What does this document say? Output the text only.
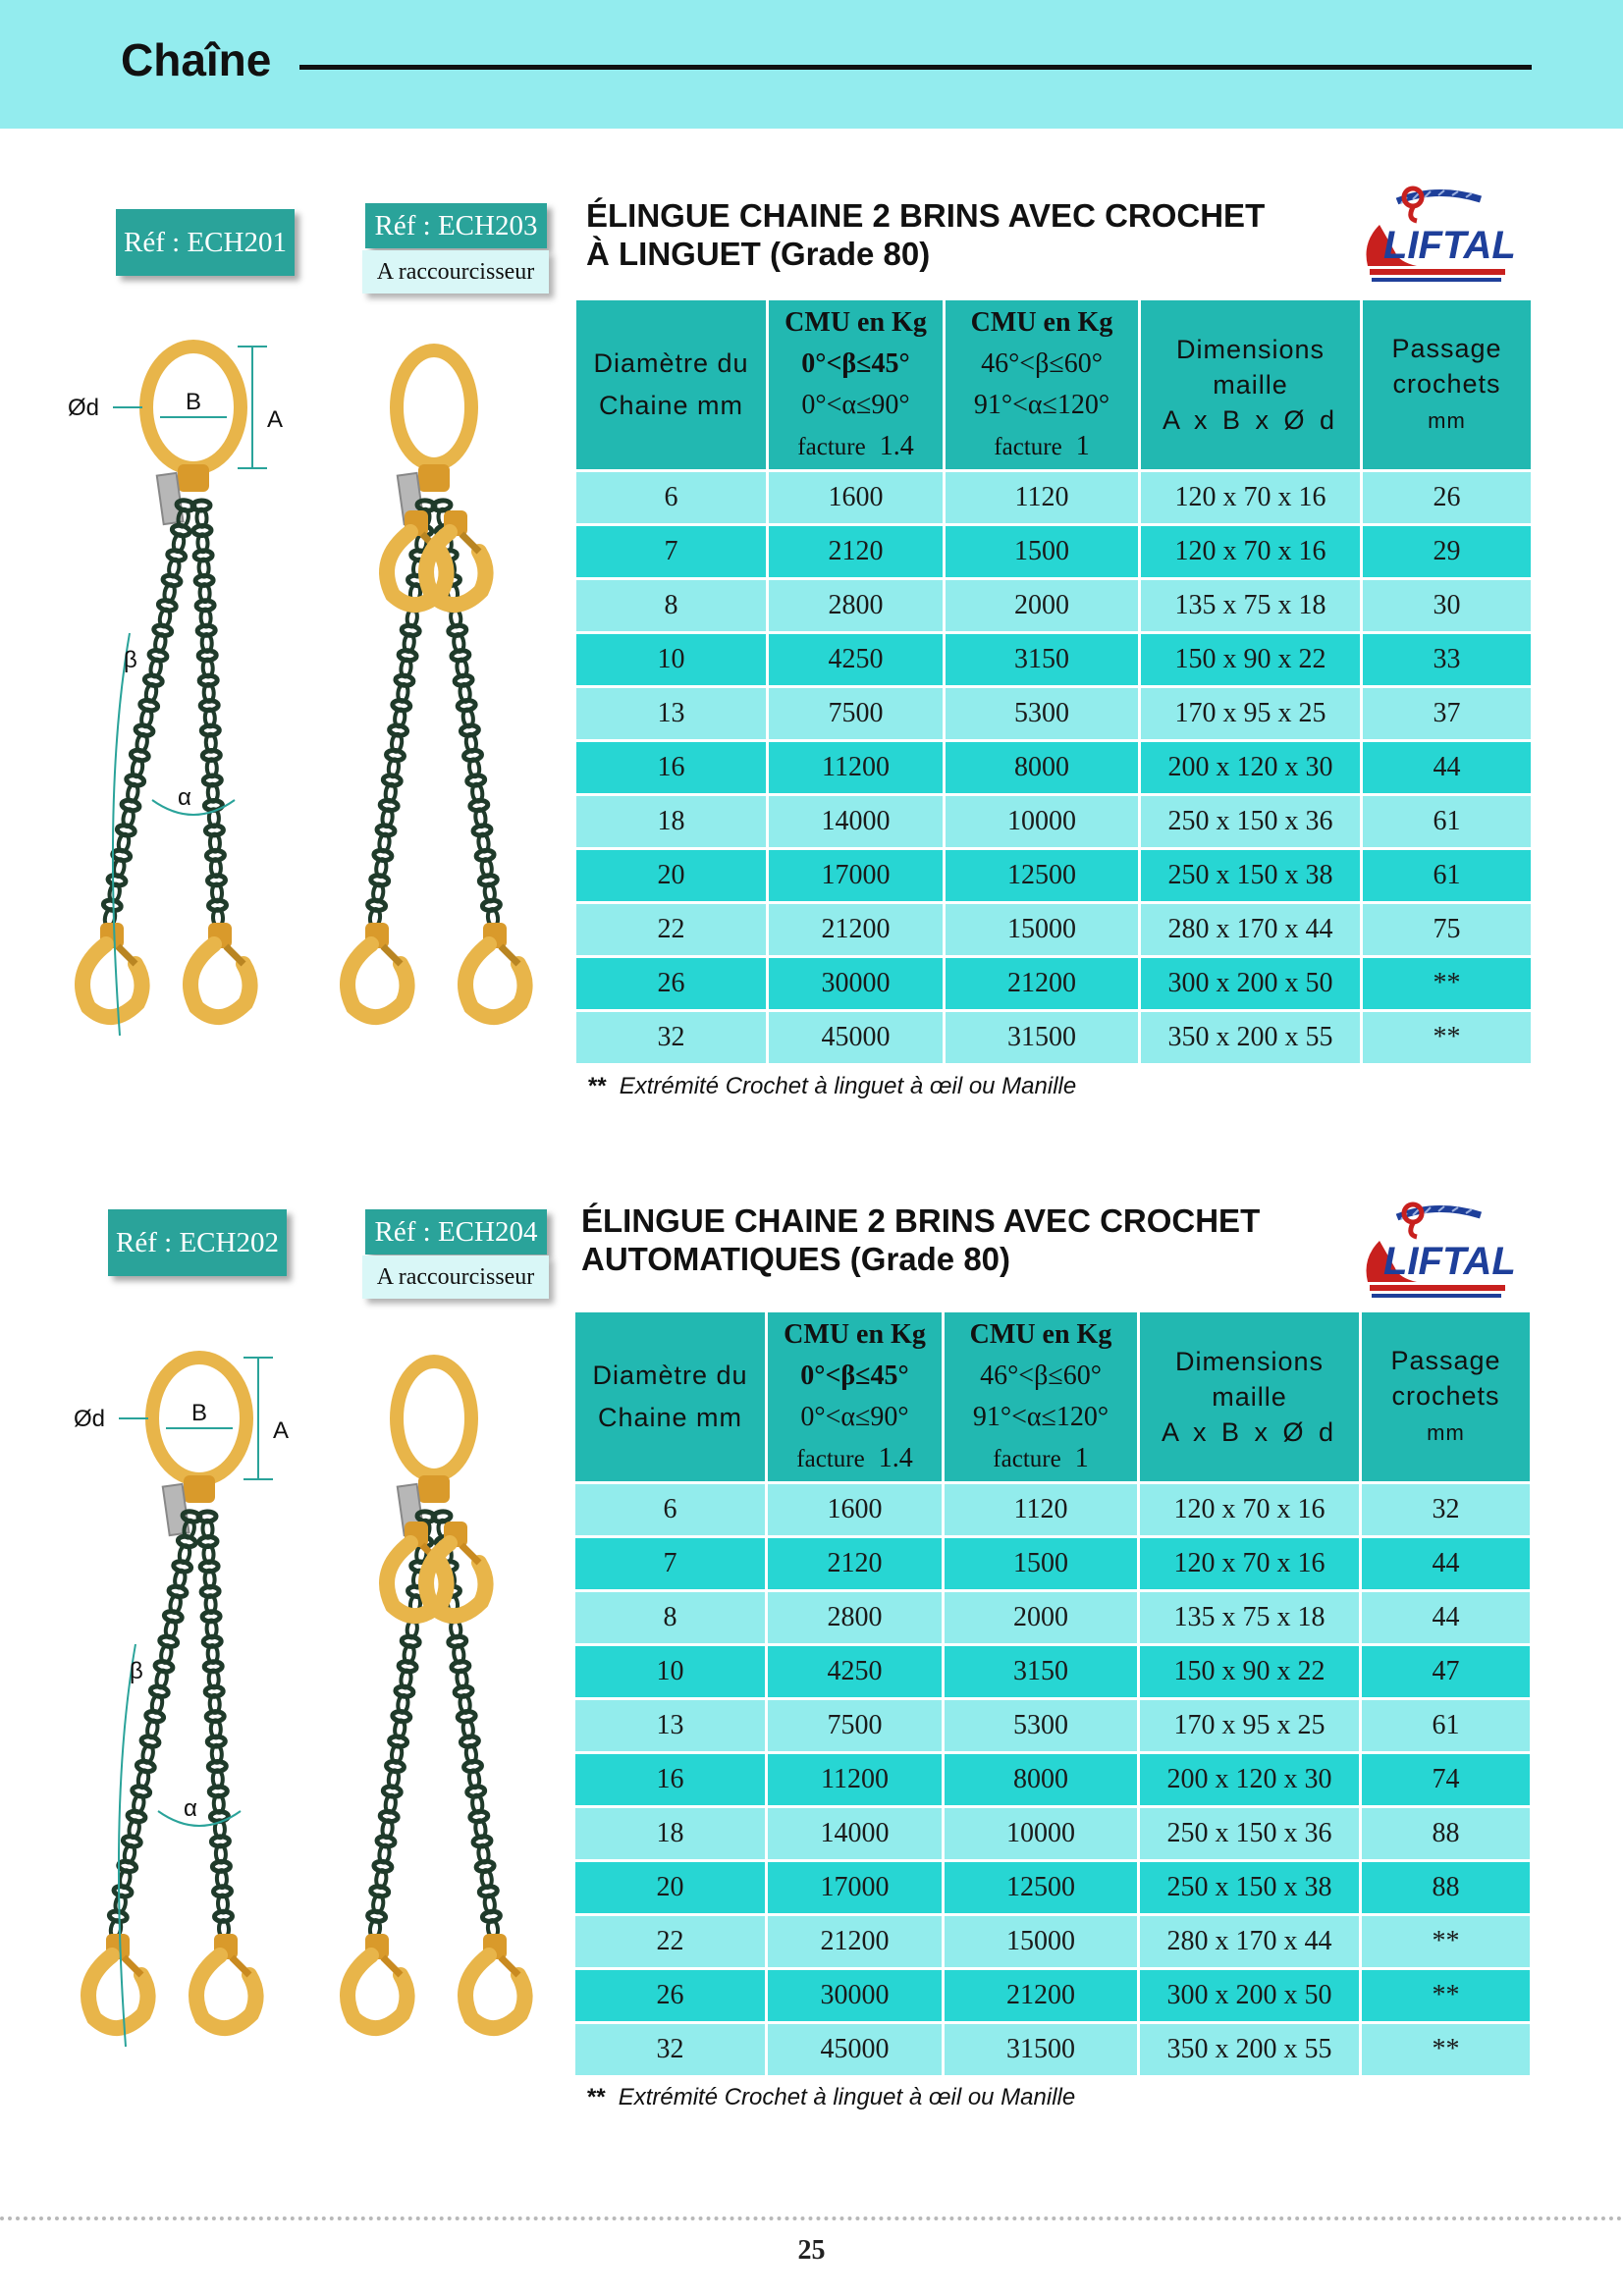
Chaîne
Réf : ECH201
Réf : ECH203
A raccourcisseur
ÉLINGUE CHAINE 2 BRINS AVEC CROCHET
À LINGUET (Grade 80)	LIFTAL
Ød	B
A
β
α
Diamètre du
Chaine mm	CMU en Kg
0°<β≤45°
0°<α≤90°
facture 1.4	CMU en Kg
46°<β≤60°
91°<α≤120°
facture 1	Dimensions
maille
A x B x Ø d	Passage
crochets
mm

6	1600	1120	120 x 70 x 16	26
7	2120	1500	120 x 70 x 16	29
8	2800	2000	135 x 75 x 18	30
10	4250	3150	150 x 90 x 22	33
13	7500	5300	170 x 95 x 25	37
16	11200	8000	200 x 120 x 30	44
18	14000	10000	250 x 150 x 36	61
20	17000	12500	250 x 150 x 38	61
22	21200	15000	280 x 170 x 44	75
26	30000	21200	300 x 200 x 50	**
32	45000	31500	350 x 200 x 55	**
** Extrémité Crochet à linguet à œil ou Manille
Réf : ECH202	Réf : ECH204
A raccourcisseur
ÉLINGUE CHAINE 2 BRINS AVEC CROCHET
AUTOMATIQUES (Grade 80)	LIFTAL
Ød	B
A
β
α
Diamètre du
Chaine mm	CMU en Kg
0°<β≤45°
0°<α≤90°
facture 1.4	CMU en Kg
46°<β≤60°
91°<α≤120°
facture 1	Dimensions
maille
A x B x Ø d	Passage
crochets
mm

6	1600	1120	120 x 70 x 16	32
7	2120	1500	120 x 70 x 16	44
8	2800	2000	135 x 75 x 18	44
10	4250	3150	150 x 90 x 22	47
13	7500	5300	170 x 95 x 25	61
16	11200	8000	200 x 120 x 30	74
18	14000	10000	250 x 150 x 36	88
20	17000	12500	250 x 150 x 38	88
22	21200	15000	280 x 170 x 44	**
26	30000	21200	300 x 200 x 50	**
32	45000	31500	350 x 200 x 55	**
** Extrémité Crochet à linguet à œil ou Manille
25
